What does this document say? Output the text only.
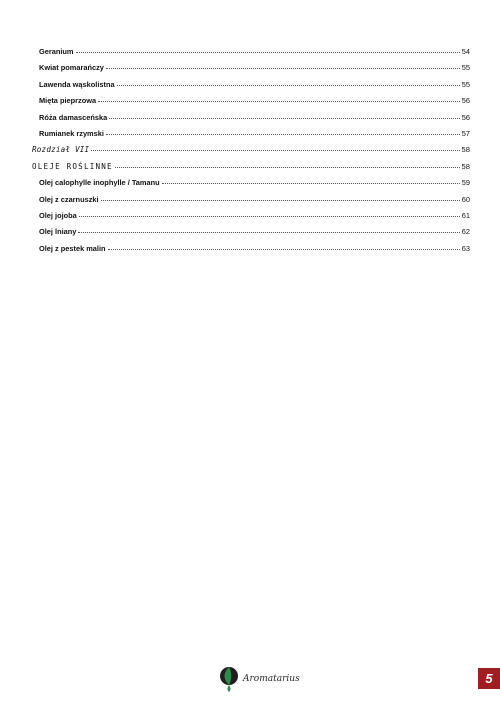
Geranium	54
Kwiat pomarańczy	55
Lawenda wąskolistna	55
Mięta pieprzowa	56
Róża damasceńska	56
Rumianek rzymski	57
Rozdział VII	58
OLEJE ROŚLINNE	58
Olej calophylle inophylle / Tamanu	59
Olej z czarnuszki	60
Olej jojoba	61
Olej lniany	62
Olej z pestek malin	63
Aromatarius	5
